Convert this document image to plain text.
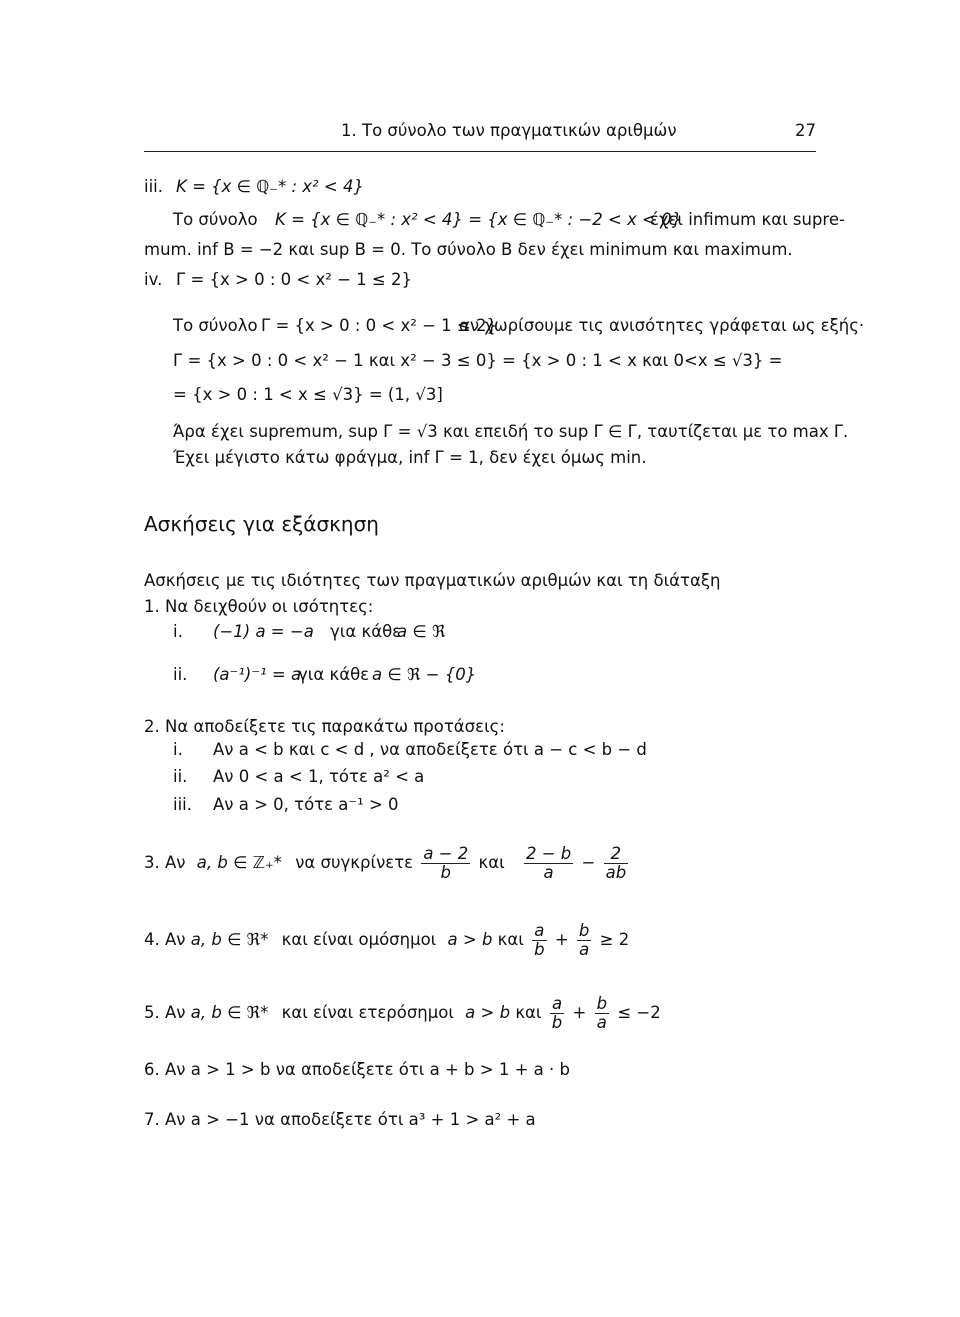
1. Το σύνολο των πραγματικών αριθμών	27
iii. K = {x ∈ ℚ₋* : x² < 4}
Το σύνολο K = {x ∈ ℚ₋* : x² < 4} = {x ∈ ℚ₋* : −2 < x < 0}
έχει infimum και supre-
mum. inf B = −2 και sup B = 0. Το σύνολο B δεν έχει minimum και maximum.
iv. Γ = {x > 0 : 0 < x² − 1 ≤ 2}
Το σύνολο Γ = {x > 0 : 0 < x² − 1 ≤ 2}
αν χωρίσουμε τις ανισότητες γράφεται ως εξής·
Γ = {x > 0 : 0 < x² − 1 και x² − 3 ≤ 0} = {x > 0 : 1 < x και 0<x ≤ √3} =
= {x > 0 : 1 < x ≤ √3} = (1, √3]
Άρα έχει supremum, sup Γ = √3 και επειδή το sup Γ ∈ Γ, ταυτίζεται με το max Γ.
Έχει μέγιστο κάτω φράγμα, inf Γ = 1, δεν έχει όμως min.
Ασκήσεις για εξάσκηση
Ασκήσεις με τις ιδιότητες των πραγματικών αριθμών και τη διάταξη
1. Να δειχθούν οι ισότητες:
i. (−1) a = −a για κάθε
a ∈ ℜ
ii. (a⁻¹)⁻¹ = a
για κάθε a ∈ ℜ − {0}
2. Να αποδείξετε τις παρακάτω προτάσεις:
i. Αν a < b και c < d , να αποδείξετε ότι a − c < b − d
ii. Αν 0 < a < 1, τότε a² < a
iii. Αν a > 0, τότε a⁻¹ > 0
3. Αν a, b ∈ ℤ₊* να συγκρίνετε $\frac{a - 2}{b}$ και $\frac{2 - b}{a} - \frac{2}{ab}$
4. Αν a, b ∈ ℜ* και είναι ομόσημοι a > b και $\frac{a}{b} + \frac{b}{a} \ge 2$
5. Αν a, b ∈ ℜ* και είναι ετερόσημοι a > b και $\frac{a}{b} + \frac{b}{a} \le -2$
6. Αν a > 1 > b να αποδείξετε ότι a + b > 1 + a · b
7. Αν a > −1 να αποδείξετε ότι a³ + 1 > a² + a
